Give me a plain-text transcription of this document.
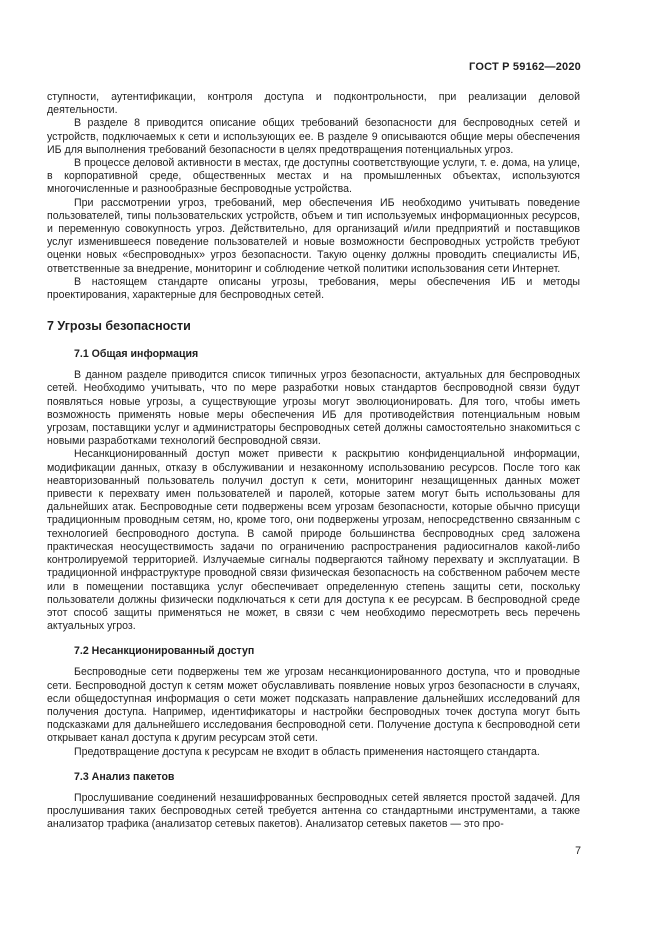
ГОСТ Р 59162—2020

ступности, аутентификации, контроля доступа и подконтрольности, при реализации деловой деятельности.

В разделе 8 приводится описание общих требований безопасности для беспроводных сетей и устройств, подключаемых к сети и использующих ее. В разделе 9 описываются общие меры обеспечения ИБ для выполнения требований безопасности в целях предотвращения потенциальных угроз.

В процессе деловой активности в местах, где доступны соответствующие услуги, т. е. дома, на улице, в корпоративной среде, общественных местах и на промышленных объектах, используются многочисленные и разнообразные беспроводные устройства.

При рассмотрении угроз, требований, мер обеспечения ИБ необходимо учитывать поведение пользователей, типы пользовательских устройств, объем и тип используемых информационных ресурсов, и переменную совокупность угроз. Действительно, для организаций и/или предприятий и поставщиков услуг изменившееся поведение пользователей и новые возможности беспроводных устройств требуют оценки новых «беспроводных» угроз безопасности. Такую оценку должны проводить специалисты ИБ, ответственные за внедрение, мониторинг и соблюдение четкой политики использования сети Интернет.

В настоящем стандарте описаны угрозы, требования, меры обеспечения ИБ и методы проектирования, характерные для беспроводных сетей.

7 Угрозы безопасности
7.1 Общая информация

В данном разделе приводится список типичных угроз безопасности, актуальных для беспроводных сетей. Необходимо учитывать, что по мере разработки новых стандартов беспроводной связи будут появляться новые угрозы, а существующие угрозы могут эволюционировать. Для того, чтобы иметь возможность применять новые меры обеспечения ИБ для противодействия потенциальным новым угрозам, поставщики услуг и администраторы беспроводных сетей должны самостоятельно знакомиться с новыми разработками технологий беспроводной связи.

Несанкционированный доступ может привести к раскрытию конфиденциальной информации, модификации данных, отказу в обслуживании и незаконному использованию ресурсов. После того как неавторизованный пользователь получил доступ к сети, мониторинг незащищенных данных может привести к перехвату имен пользователей и паролей, которые затем могут быть использованы для дальнейших атак. Беспроводные сети подвержены всем угрозам безопасности, которые обычно присущи традиционным проводным сетям, но, кроме того, они подвержены угрозам, непосредственно связанным с технологией беспроводного доступа. В самой природе большинства беспроводных сред заложена практическая неосуществимость задачи по ограничению распространения радиосигналов какой-либо контролируемой территорией. Излучаемые сигналы подвергаются тайному перехвату и эксплуатации. В традиционной инфраструктуре проводной связи физическая безопасность на собственном рабочем месте или в помещении поставщика услуг обеспечивает определенную степень защиты сети, поскольку пользователи должны физически подключаться к сети для доступа к ее ресурсам. В беспроводной среде этот способ защиты применяться не может, в связи с чем необходимо пересмотреть весь перечень актуальных угроз.

7.2 Несанкционированный доступ

Беспроводные сети подвержены тем же угрозам несанкционированного доступа, что и проводные сети. Беспроводной доступ к сетям может обуславливать появление новых угроз безопасности в случаях, если общедоступная информация о сети может подсказать направление дальнейших исследований для получения доступа. Например, идентификаторы и настройки беспроводных точек доступа могут быть подсказками для дальнейшего исследования беспроводной сети. Получение доступа к беспроводной сети открывает канал доступа к другим ресурсам этой сети.

Предотвращение доступа к ресурсам не входит в область применения настоящего стандарта.

7.3 Анализ пакетов

Прослушивание соединений незашифрованных беспроводных сетей является простой задачей. Для прослушивания таких беспроводных сетей требуется антенна со стандартными инструментами, а также анализатор трафика (анализатор сетевых пакетов). Анализатор сетевых пакетов — это про-

7
